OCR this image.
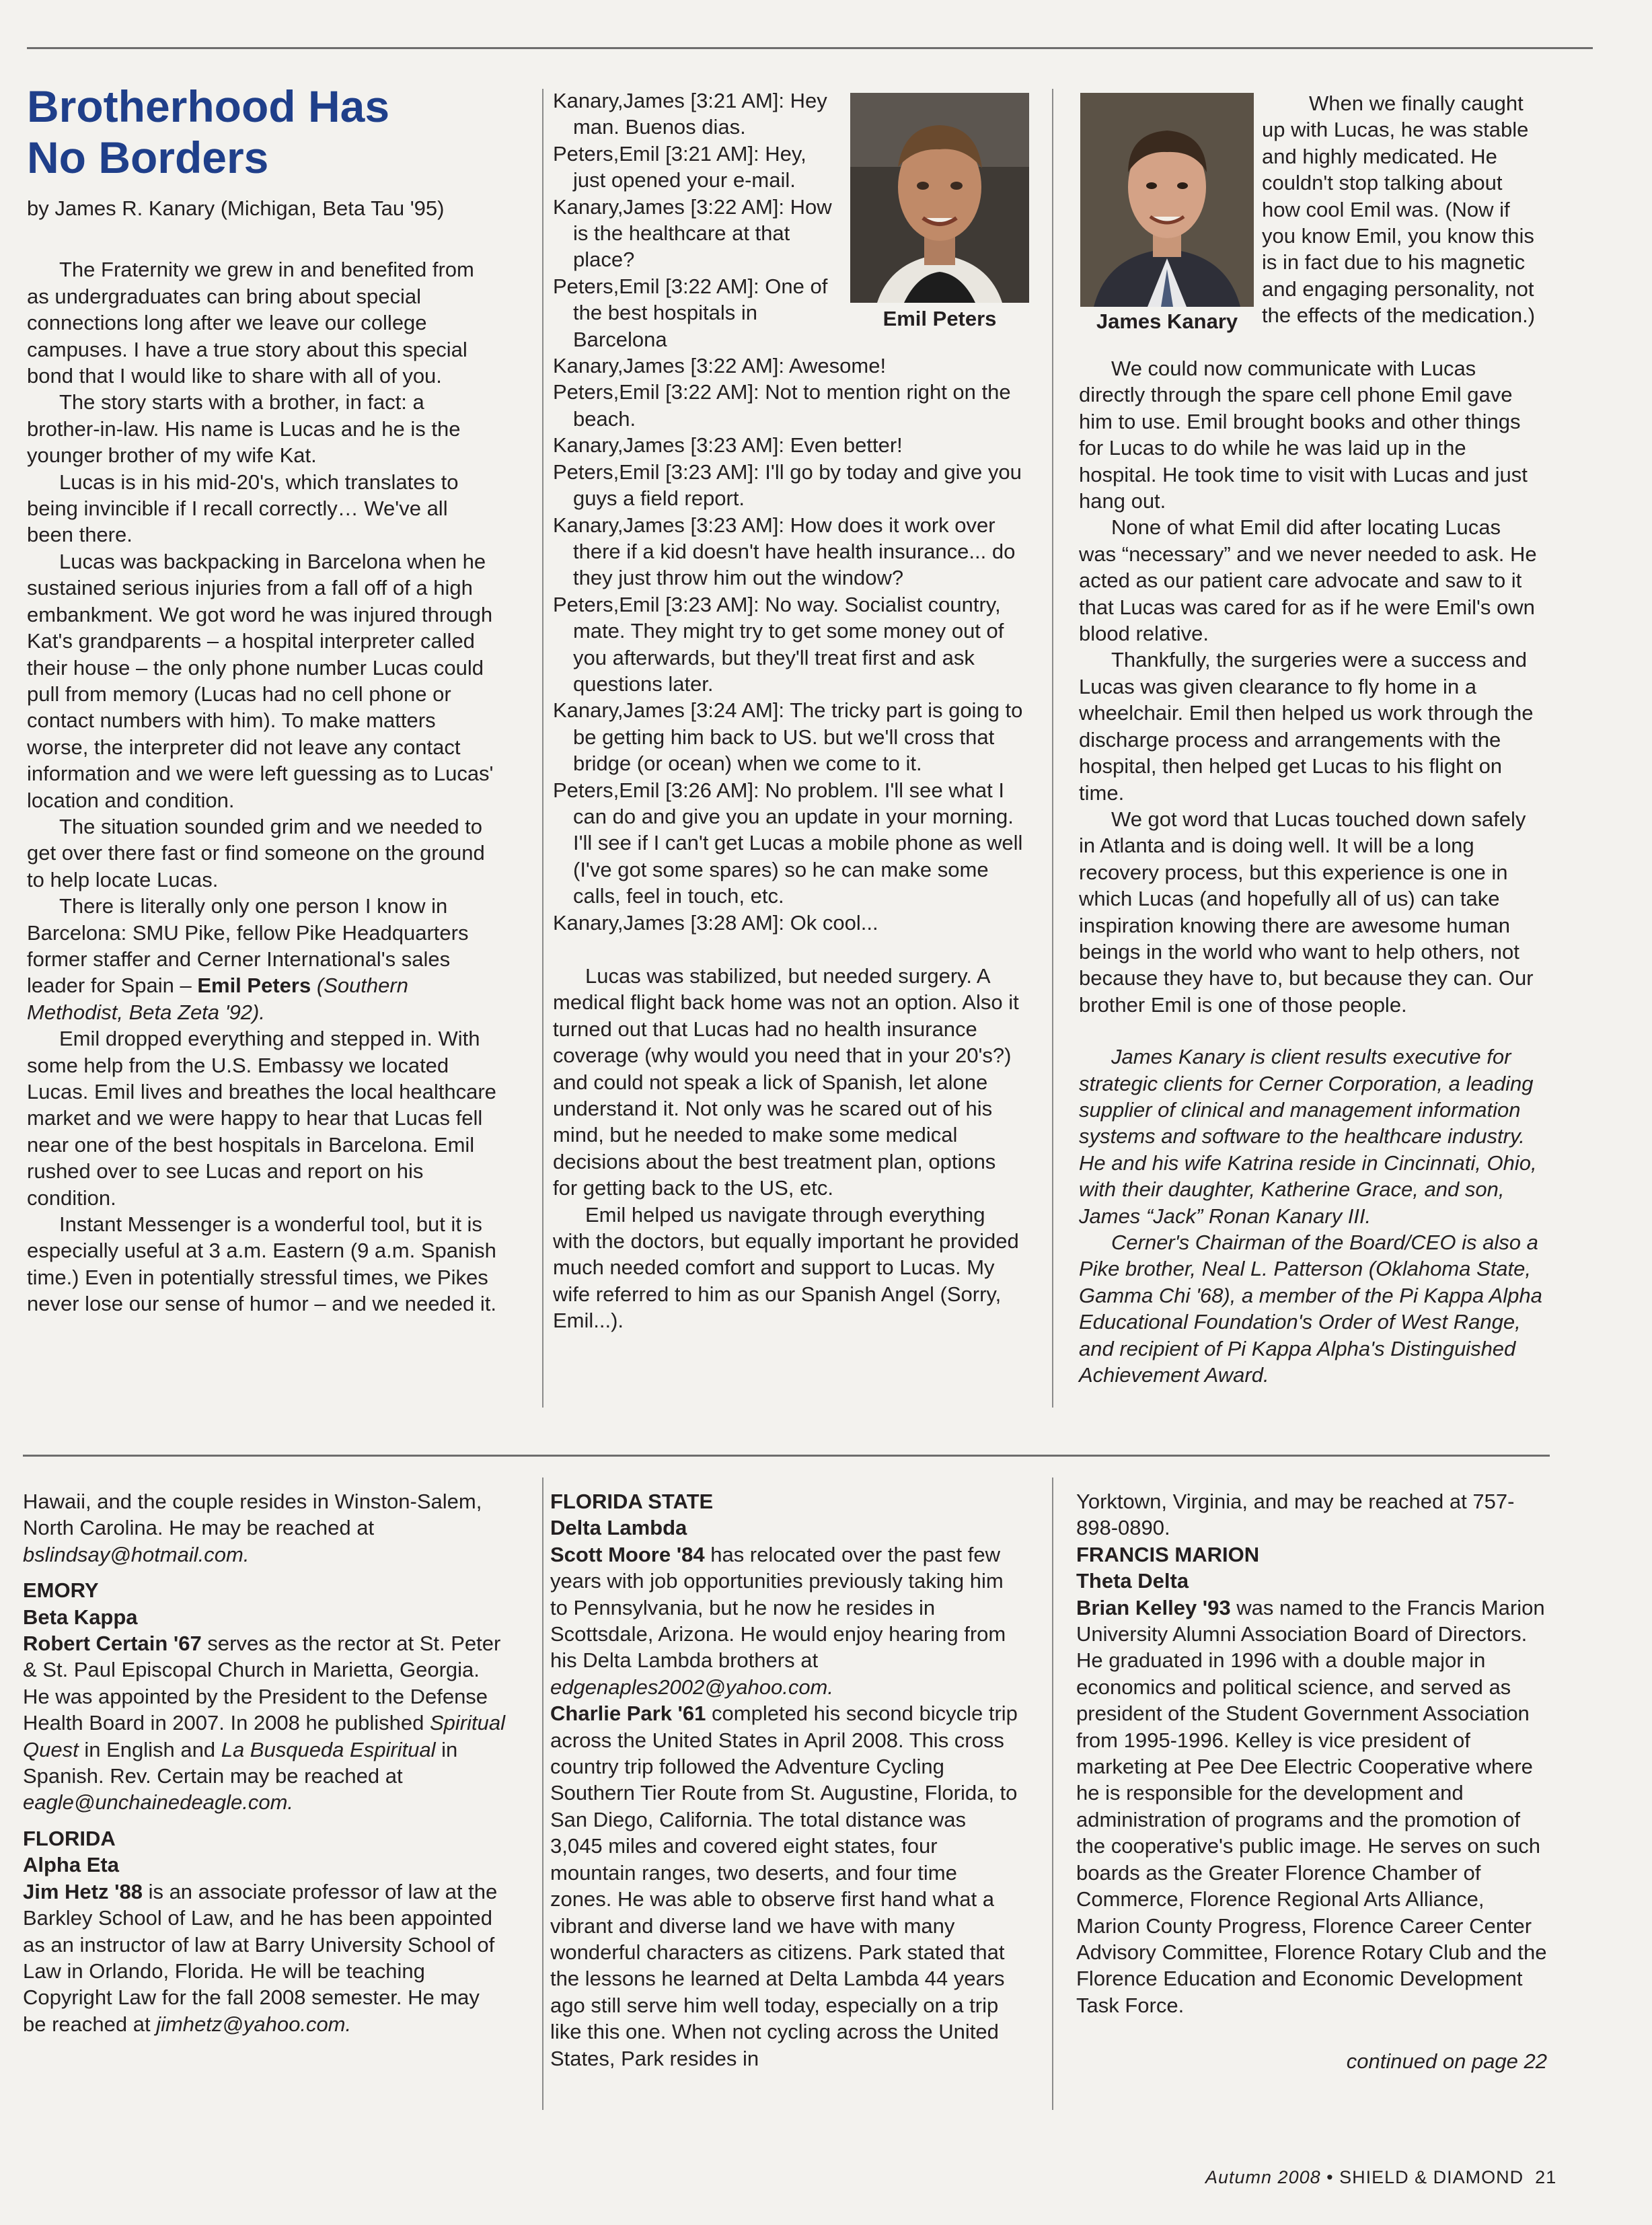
Brotherhood Has
No Borders
by James R. Kanary (Michigan, Beta Tau '95)

The Fraternity we grew in and benefited from as undergraduates can bring about special connections long after we leave our college campuses. I have a true story about this special bond that I would like to share with all of you.

The story starts with a brother, in fact: a brother-in-law. His name is Lucas and he is the younger brother of my wife Kat.

Lucas is in his mid-20's, which translates to being invincible if I recall correctly… We've all been there.

Lucas was backpacking in Barcelona when he sustained serious injuries from a fall off of a high embankment. We got word he was injured through Kat's grandparents – a hospital interpreter called their house – the only phone number Lucas could pull from memory (Lucas had no cell phone or contact numbers with him). To make matters worse, the interpreter did not leave any contact information and we were left guessing as to Lucas' location and condition.

The situation sounded grim and we needed to get over there fast or find someone on the ground to help locate Lucas.

There is literally only one person I know in Barcelona: SMU Pike, fellow Pike Headquarters former staffer and Cerner International's sales leader for Spain – Emil Peters (Southern Methodist, Beta Zeta '92).

Emil dropped everything and stepped in. With some help from the U.S. Embassy we located Lucas. Emil lives and breathes the local healthcare market and we were happy to hear that Lucas fell near one of the best hospitals in Barcelona. Emil rushed over to see Lucas and report on his condition.

Instant Messenger is a wonderful tool, but it is especially useful at 3 a.m. Eastern (9 a.m. Spanish time.) Even in potentially stressful times, we Pikes never lose our sense of humor – and we needed it.

Emil Peters

Kanary,James [3:21 AM]: Hey man. Buenos dias.

Peters,Emil [3:21 AM]: Hey, just opened your e-mail.

Kanary,James [3:22 AM]: How is the healthcare at that place?

Peters,Emil [3:22 AM]: One of the best hospitals in Barcelona

Kanary,James [3:22 AM]: Awesome!

Peters,Emil [3:22 AM]: Not to mention right on the beach.

Kanary,James [3:23 AM]: Even better!

Peters,Emil [3:23 AM]: I'll go by today and give you guys a field report.

Kanary,James [3:23 AM]: How does it work over there if a kid doesn't have health insurance... do they just throw him out the window?

Peters,Emil [3:23 AM]: No way. Socialist country, mate. They might try to get some money out of you afterwards, but they'll treat first and ask questions later.

Kanary,James [3:24 AM]: The tricky part is going to be getting him back to US. but we'll cross that bridge (or ocean) when we come to it.

Peters,Emil [3:26 AM]: No problem. I'll see what I can do and give you an update in your morning. I'll see if I can't get Lucas a mobile phone as well (I've got some spares) so he can make some calls, feel in touch, etc.

Kanary,James [3:28 AM]: Ok cool...

Lucas was stabilized, but needed surgery. A medical flight back home was not an option. Also it turned out that Lucas had no health insurance coverage (why would you need that in your 20's?) and could not speak a lick of Spanish, let alone understand it. Not only was he scared out of his mind, but he needed to make some medical decisions about the best treatment plan, options for getting back to the US, etc.

Emil helped us navigate through everything with the doctors, but equally important he provided much needed comfort and support to Lucas. My wife referred to him as our Spanish Angel (Sorry, Emil...).

James Kanary

When we finally caught up with Lucas, he was stable and highly medicated. He couldn't stop talking about how cool Emil was. (Now if you know Emil, you know this is in fact due to his magnetic and engaging personality, not the effects of the medication.)

We could now communicate with Lucas directly through the spare cell phone Emil gave him to use. Emil brought books and other things for Lucas to do while he was laid up in the hospital. He took time to visit with Lucas and just hang out.

None of what Emil did after locating Lucas was “necessary” and we never needed to ask. He acted as our patient care advocate and saw to it that Lucas was cared for as if he were Emil's own blood relative.

Thankfully, the surgeries were a success and Lucas was given clearance to fly home in a wheelchair. Emil then helped us work through the discharge process and arrangements with the hospital, then helped get Lucas to his flight on time.

We got word that Lucas touched down safely in Atlanta and is doing well. It will be a long recovery process, but this experience is one in which Lucas (and hopefully all of us) can take inspiration knowing there are awesome human beings in the world who want to help others, not because they have to, but because they can. Our brother Emil is one of those people.

James Kanary is client results executive for strategic clients for Cerner Corporation, a leading supplier of clinical and management information systems and software to the healthcare industry. He and his wife Katrina reside in Cincinnati, Ohio, with their daughter, Katherine Grace, and son, James “Jack” Ronan Kanary III.

Cerner's Chairman of the Board/CEO is also a Pike brother, Neal L. Patterson (Oklahoma State, Gamma Chi '68), a member of the Pi Kappa Alpha Educational Foundation's Order of West Range, and recipient of Pi Kappa Alpha's Distinguished Achievement Award.

Hawaii, and the couple resides in Winston-Salem, North Carolina. He may be reached at bslindsay@hotmail.com.

EMORY
Beta Kappa

Robert Certain '67 serves as the rector at St. Peter & St. Paul Episcopal Church in Marietta, Georgia. He was appointed by the President to the Defense Health Board in 2007. In 2008 he published Spiritual Quest in English and La Busqueda Espiritual in Spanish. Rev. Certain may be reached at eagle@unchainedeagle.com.

FLORIDA
Alpha Eta

Jim Hetz '88 is an associate professor of law at the Barkley School of Law, and he has been appointed as an instructor of law at Barry University School of Law in Orlando, Florida. He will be teaching Copyright Law for the fall 2008 semester. He may be reached at jimhetz@yahoo.com.

FLORIDA STATE
Delta Lambda

Scott Moore '84 has relocated over the past few years with job opportunities previously taking him to Pennsylvania, but he now he resides in Scottsdale, Arizona. He would enjoy hearing from his Delta Lambda brothers at edgenaples2002@yahoo.com.

Charlie Park '61 completed his second bicycle trip across the United States in April 2008. This cross country trip followed the Adventure Cycling Southern Tier Route from St. Augustine, Florida, to San Diego, California. The total distance was 3,045 miles and covered eight states, four mountain ranges, two deserts, and four time zones. He was able to observe first hand what a vibrant and diverse land we have with many wonderful characters as citizens. Park stated that the lessons he learned at Delta Lambda 44 years ago still serve him well today, especially on a trip like this one. When not cycling across the United States, Park resides in

Yorktown, Virginia, and may be reached at 757-898-0890.

FRANCIS MARION
Theta Delta

Brian Kelley '93 was named to the Francis Marion University Alumni Association Board of Directors. He graduated in 1996 with a double major in economics and political science, and served as president of the Student Government Association from 1995-1996. Kelley is vice president of marketing at Pee Dee Electric Cooperative where he is responsible for the development and administration of programs and the promotion of the cooperative's public image. He serves on such boards as the Greater Florence Chamber of Commerce, Florence Regional Arts Alliance, Marion County Progress, Florence Career Center Advisory Committee, Florence Rotary Club and the Florence Education and Economic Development Task Force.

continued on page 22
Autumn 2008 • SHIELD & DIAMOND 21
